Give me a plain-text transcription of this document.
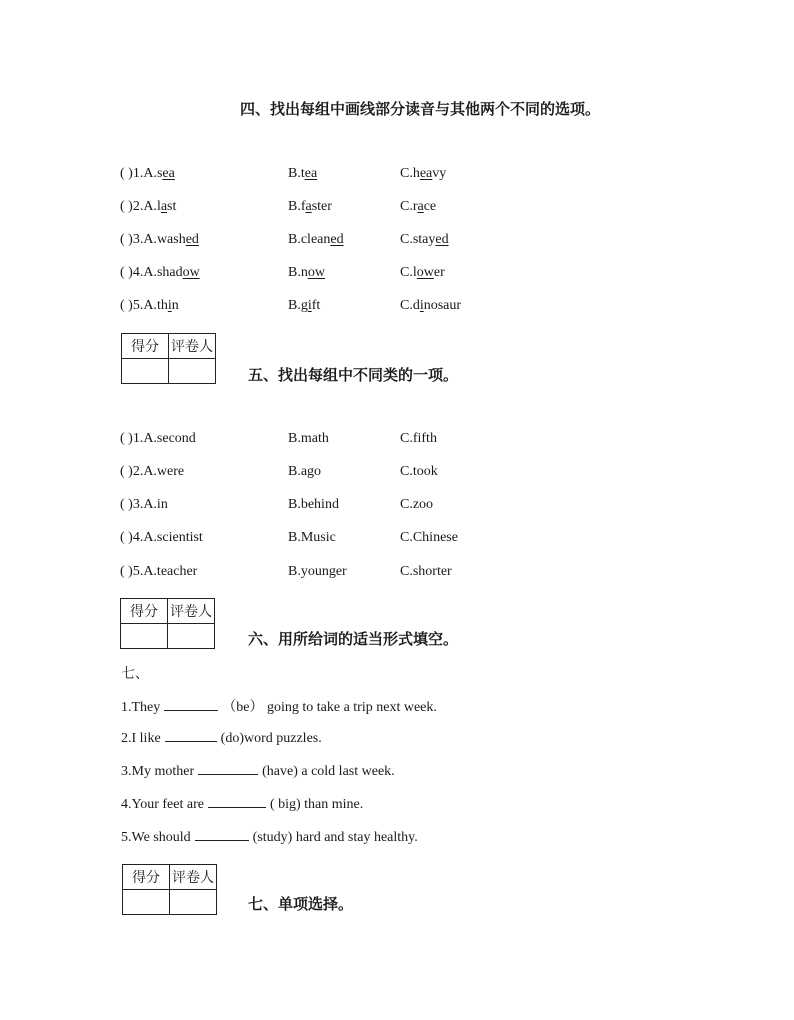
四、找出每组中画线部分读音与其他两个不同的选项。
( )1.A.sea	B.tea	C.heavy
( )2.A.last	B.faster	C.race
( )3.A.washed	B.cleaned	C.stayed
( )4.A.shadow	B.now	C.lower
( )5.A.thin	B.gift	C.dinosaur
得分	评卷人

五、找出每组中不同类的一项。
( )1.A.second	B.math	C.fifth
( )2.A.were	B.ago	C.took
( )3.A.in	B.behind	C.zoo
( )4.A.scientist	B.Music	C.Chinese
( )5.A.teacher	B.younger	C.shorter
得分	评卷人

六、用所给词的适当形式填空。
七、
1.They	（be） going to take a trip next week.
2.I like	(do)word puzzles.
3.My mother	(have) a cold last week.
4.Your feet are	( big) than mine.
5.We should	(study) hard and stay healthy.
得分	评卷人

七、单项选择。
